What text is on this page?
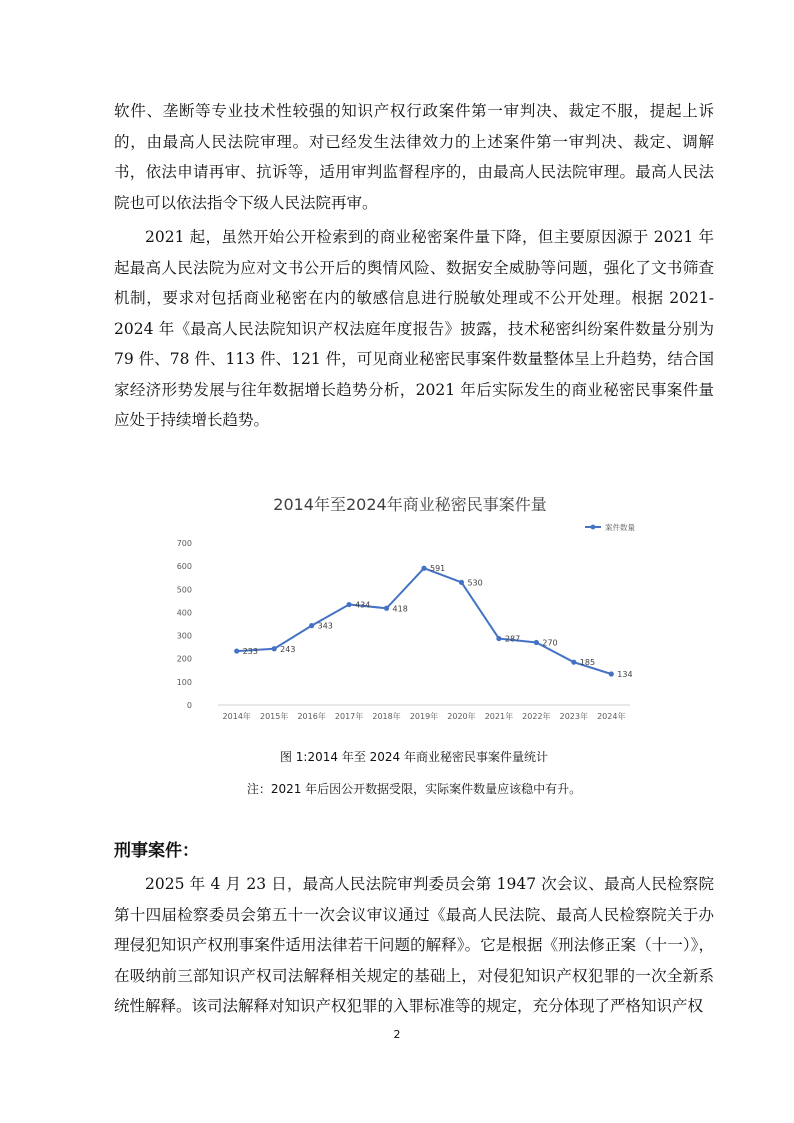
软件、垄断等专业技术性较强的知识产权行政案件第一审判决、裁定不服，提起上诉的，由最高人民法院审理。对已经发生法律效力的上述案件第一审判决、裁定、调解书，依法申请再审、抗诉等，适用审判监督程序的，由最高人民法院审理。最高人民法院也可以依法指令下级人民法院再审。

2021 起，虽然开始公开检索到的商业秘密案件量下降，但主要原因源于 2021 年起最高人民法院为应对文书公开后的舆情风险、数据安全威胁等问题，强化了文书筛查机制，要求对包括商业秘密在内的敏感信息进行脱敏处理或不公开处理。根据 2021-2024 年《最高人民法院知识产权法庭年度报告》披露，技术秘密纠纷案件数量分别为 79 件、78 件、113 件、121 件，可见商业秘密民事案件数量整体呈上升趋势，结合国家经济形势发展与往年数据增长趋势分析，2021 年后实际发生的商业秘密民事案件量应处于持续增长趋势。

2014年至2024年商业秘密民事案件量
0
100
200
300
400
500
600
700
2014年 2015年 2016年 2017年 2018年 2019年 2020年 2021年 2022年 2023年 2024年
233	243
343
434	418
591
530
287	270
185
134
案件数量
图 1:2014 年至 2024 年商业秘密民事案件量统计
注：2021 年后因公开数据受限，实际案件数量应该稳中有升。
刑事案件：

2025 年 4 月 23 日，最高人民法院审判委员会第 1947 次会议、最高人民检察院第十四届检察委员会第五十一次会议审议通过《最高人民法院、最高人民检察院关于办理侵犯知识产权刑事案件适用法律若干问题的解释》。它是根据《刑法修正案（十一）》，在吸纳前三部知识产权司法解释相关规定的基础上，对侵犯知识产权犯罪的一次全新系统性解释。该司法解释对知识产权犯罪的入罪标准等的规定，充分体现了严格知识产权

2
